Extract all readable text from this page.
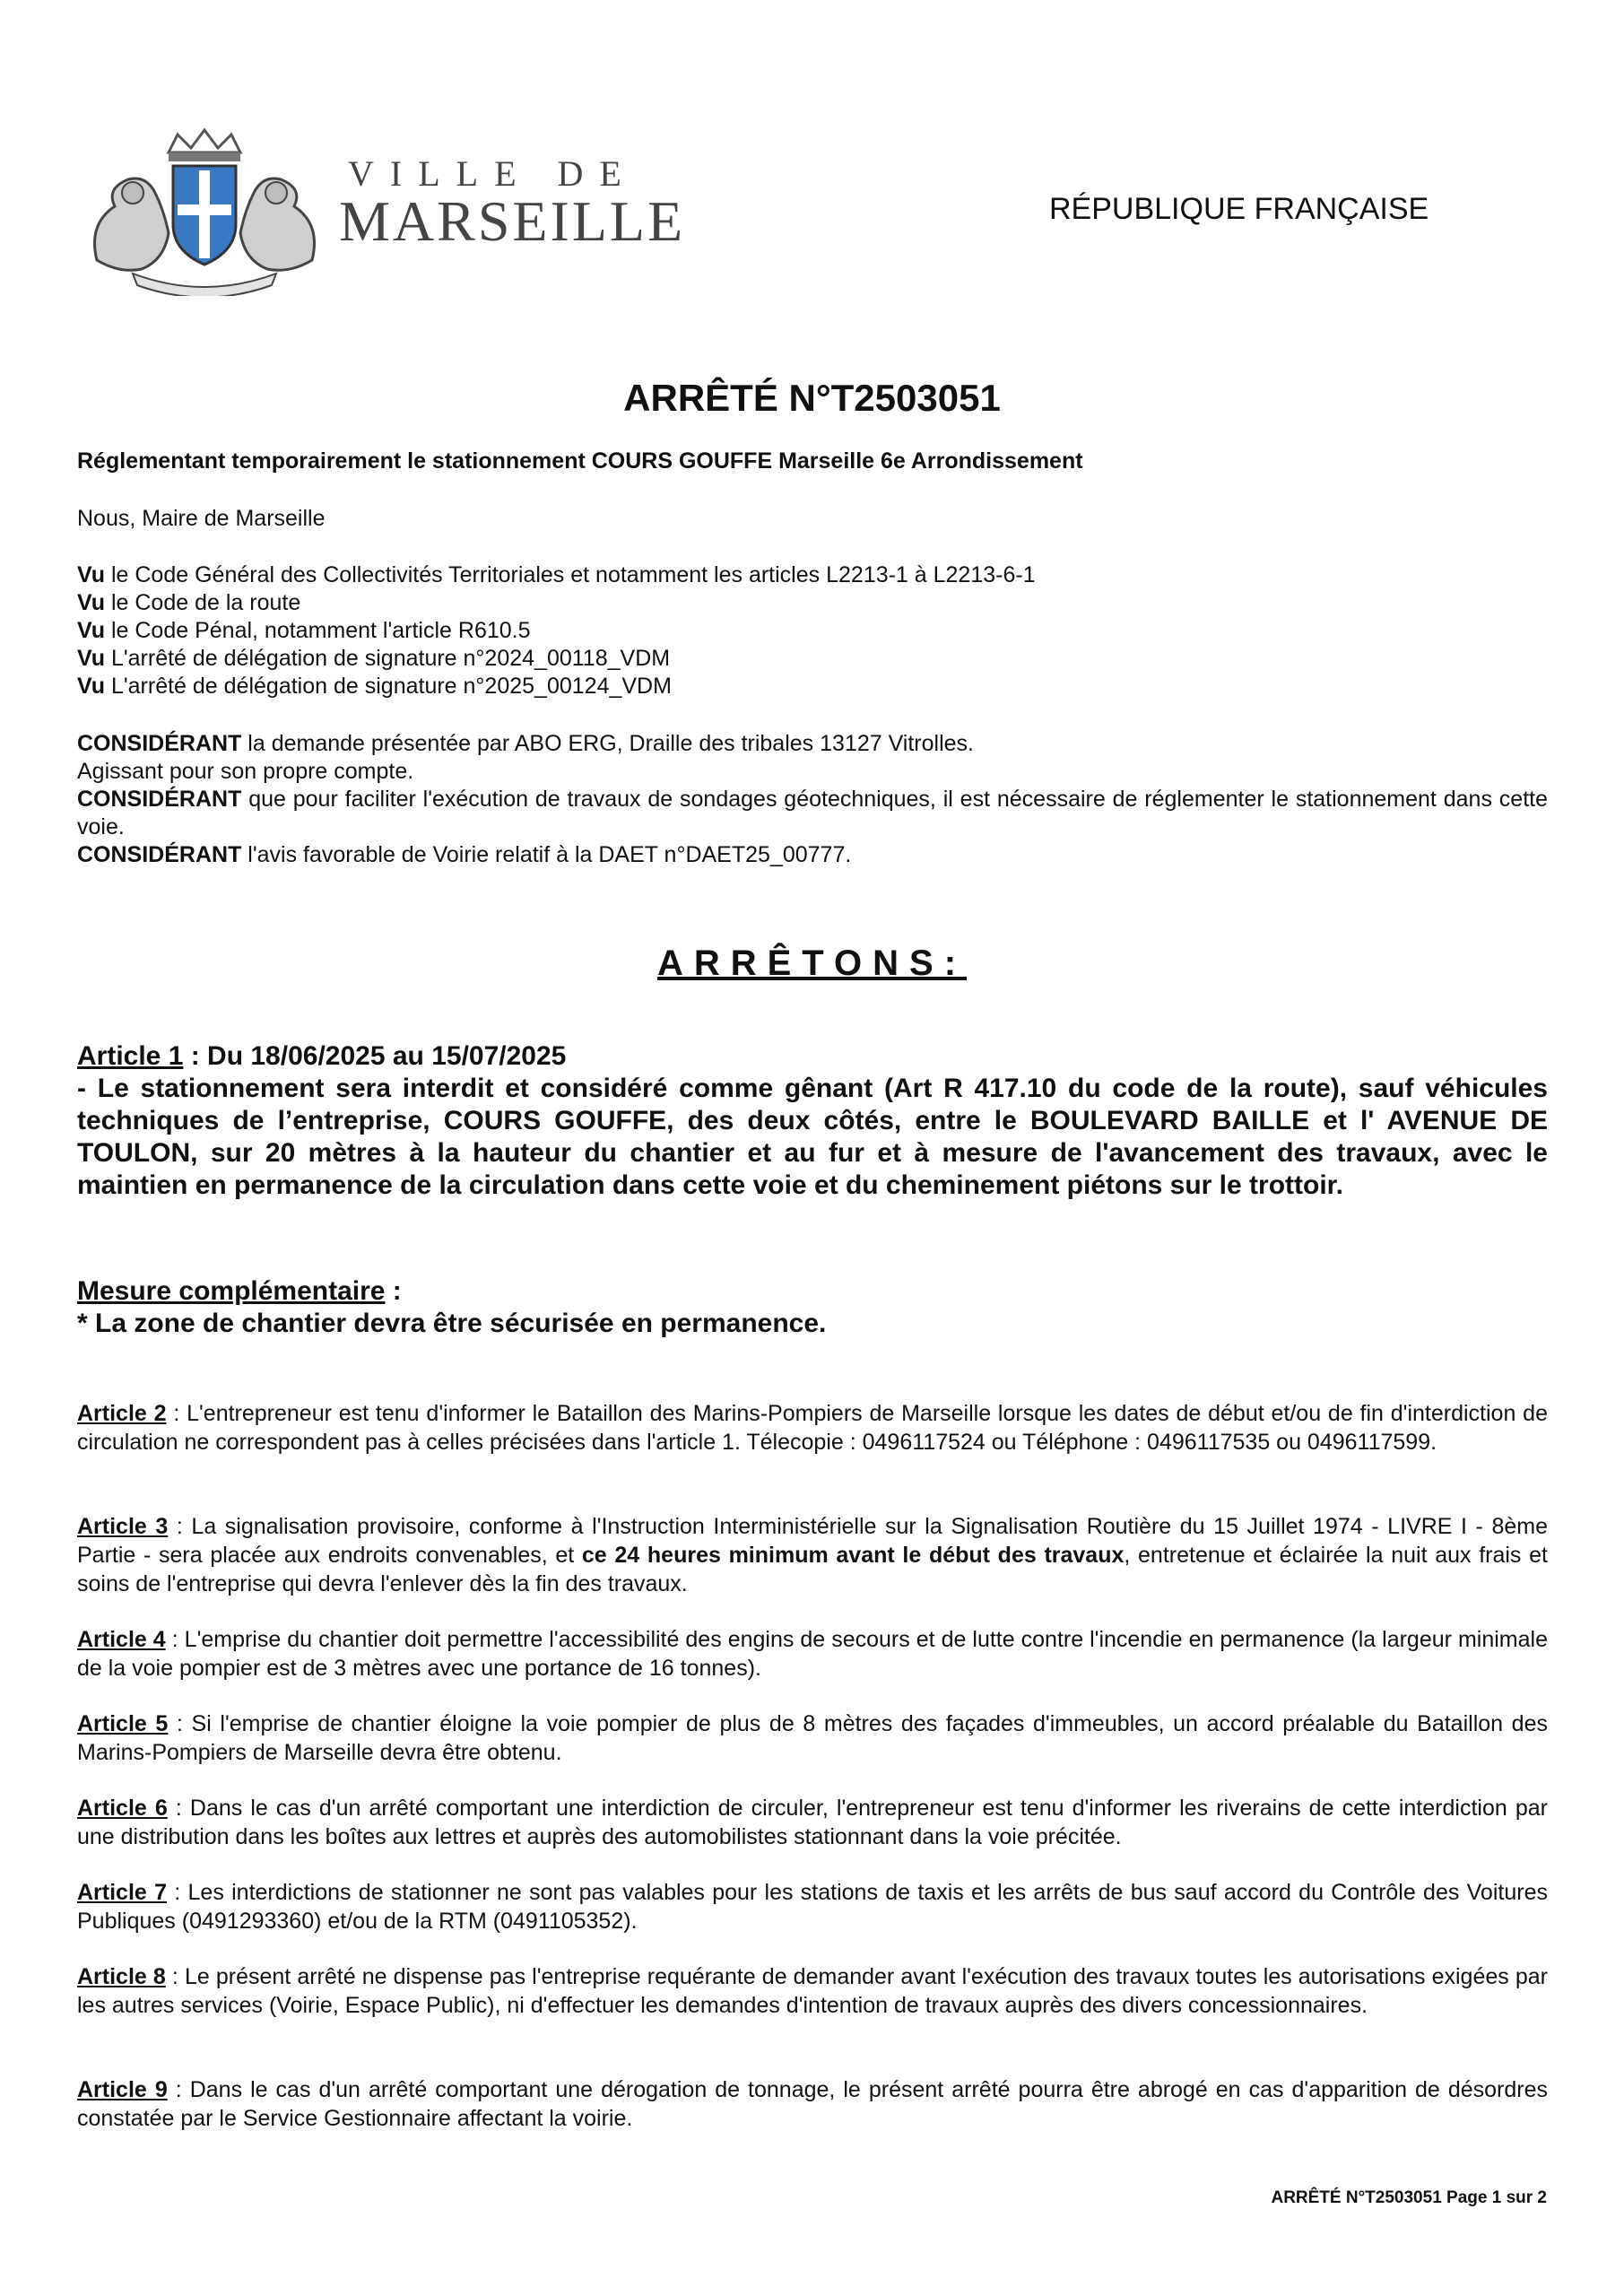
VILLE DE
MARSEILLE	RÉPUBLIQUE FRANÇAISE
ARRÊTÉ N°T2503051
Réglementant temporairement le stationnement COURS GOUFFE Marseille 6e Arrondissement
Nous, Maire de Marseille
Vu le Code Général des Collectivités Territoriales et notamment les articles L2213-1 à L2213-6-1
Vu le Code de la route
Vu le Code Pénal, notamment l'article R610.5
Vu L'arrêté de délégation de signature n°2024_00118_VDM
Vu L'arrêté de délégation de signature n°2025_00124_VDM
CONSIDÉRANT la demande présentée par ABO ERG, Draille des tribales 13127 Vitrolles.
Agissant pour son propre compte.
CONSIDÉRANT que pour faciliter l'exécution de travaux de sondages géotechniques, il est nécessaire de réglementer le stationnement dans cette voie.
CONSIDÉRANT l'avis favorable de Voirie relatif à la DAET n°DAET25_00777.
ARRÊTONS:
Article 1 : Du 18/06/2025 au 15/07/2025
- Le stationnement sera interdit et considéré comme gênant (Art R 417.10 du code de la route), sauf véhicules techniques de l’entreprise, COURS GOUFFE, des deux côtés, entre le BOULEVARD BAILLE et l' AVENUE DE TOULON, sur 20 mètres à la hauteur du chantier et au fur et à mesure de l'avancement des travaux, avec le maintien en permanence de la circulation dans cette voie et du cheminement piétons sur le trottoir.
Mesure complémentaire :
* La zone de chantier devra être sécurisée en permanence.
Article 2 : L'entrepreneur est tenu d'informer le Bataillon des Marins-Pompiers de Marseille lorsque les dates de début et/ou de fin d'interdiction de circulation ne correspondent pas à celles précisées dans l'article 1. Télecopie : 0496117524 ou Téléphone : 0496117535 ou 0496117599.
Article 3 : La signalisation provisoire, conforme à l'Instruction Interministérielle sur la Signalisation Routière du 15 Juillet 1974 - LIVRE I - 8ème Partie - sera placée aux endroits convenables, et ce 24 heures minimum avant le début des travaux, entretenue et éclairée la nuit aux frais et soins de l'entreprise qui devra l'enlever dès la fin des travaux.
Article 4 : L'emprise du chantier doit permettre l'accessibilité des engins de secours et de lutte contre l'incendie en permanence (la largeur minimale de la voie pompier est de 3 mètres avec une portance de 16 tonnes).
Article 5 : Si l'emprise de chantier éloigne la voie pompier de plus de 8 mètres des façades d'immeubles, un accord préalable du Bataillon des Marins-Pompiers de Marseille devra être obtenu.
Article 6 : Dans le cas d'un arrêté comportant une interdiction de circuler, l'entrepreneur est tenu d'informer les riverains de cette interdiction par une distribution dans les boîtes aux lettres et auprès des automobilistes stationnant dans la voie précitée.
Article 7 : Les interdictions de stationner ne sont pas valables pour les stations de taxis et les arrêts de bus sauf accord du Contrôle des Voitures Publiques (0491293360) et/ou de la RTM (0491105352).
Article 8 : Le présent arrêté ne dispense pas l'entreprise requérante de demander avant l'exécution des travaux toutes les autorisations exigées par les autres services (Voirie, Espace Public), ni d'effectuer les demandes d'intention de travaux auprès des divers concessionnaires.
Article 9 : Dans le cas d'un arrêté comportant une dérogation de tonnage, le présent arrêté pourra être abrogé en cas d'apparition de désordres constatée par le Service Gestionnaire affectant la voirie.
ARRÊTÉ N°T2503051 Page 1 sur 2
